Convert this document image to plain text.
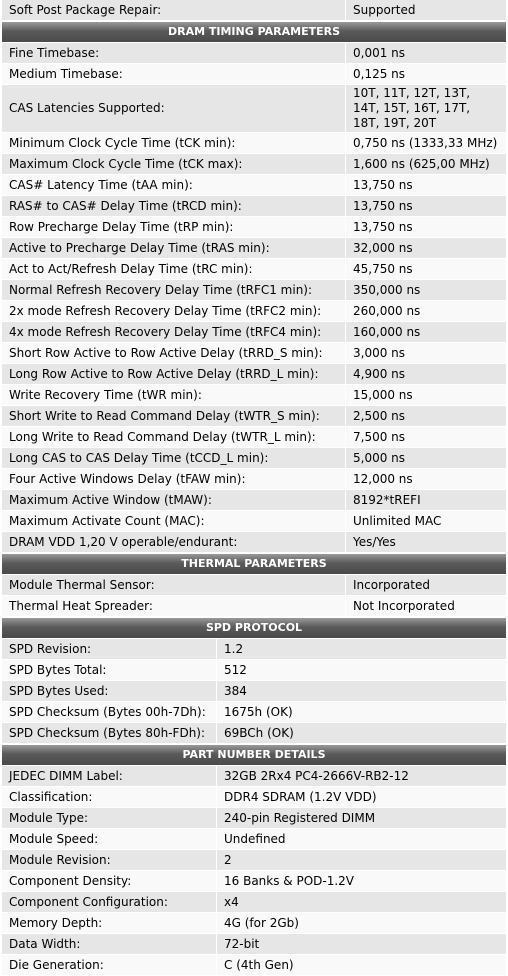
Soft Post Package Repair:	Supported
DRAM TIMING PARAMETERS
Fine Timebase:	0,001 ns
Medium Timebase:	0,125 ns
CAS Latencies Supported:
10T, 11T, 12T, 13T,
14T, 15T, 16T, 17T,
18T, 19T, 20T
Minimum Clock Cycle Time (tCK min):	0,750 ns (1333,33 MHz)
Maximum Clock Cycle Time (tCK max):	1,600 ns (625,00 MHz)
CAS# Latency Time (tAA min):	13,750 ns
RAS# to CAS# Delay Time (tRCD min):	13,750 ns
Row Precharge Delay Time (tRP min):	13,750 ns
Active to Precharge Delay Time (tRAS min):	32,000 ns
Act to Act/Refresh Delay Time (tRC min):	45,750 ns
Normal Refresh Recovery Delay Time (tRFC1 min):	350,000 ns
2x mode Refresh Recovery Delay Time (tRFC2 min):	260,000 ns
4x mode Refresh Recovery Delay Time (tRFC4 min):	160,000 ns
Short Row Active to Row Active Delay (tRRD_S min):	3,000 ns
Long Row Active to Row Active Delay (tRRD_L min):	4,900 ns
Write Recovery Time (tWR min):	15,000 ns
Short Write to Read Command Delay (tWTR_S min):	2,500 ns
Long Write to Read Command Delay (tWTR_L min):	7,500 ns
Long CAS to CAS Delay Time (tCCD_L min):	5,000 ns
Four Active Windows Delay (tFAW min):	12,000 ns
Maximum Active Window (tMAW):	8192*tREFI
Maximum Activate Count (MAC):	Unlimited MAC
DRAM VDD 1,20 V operable/endurant:	Yes/Yes
THERMAL PARAMETERS
Module Thermal Sensor:	Incorporated
Thermal Heat Spreader:	Not Incorporated
SPD PROTOCOL
SPD Revision:	1.2
SPD Bytes Total:	512
SPD Bytes Used:	384
SPD Checksum (Bytes 00h-7Dh):	1675h (OK)
SPD Checksum (Bytes 80h-FDh):	69BCh (OK)
PART NUMBER DETAILS
JEDEC DIMM Label:	32GB 2Rx4 PC4-2666V-RB2-12
Classification:	DDR4 SDRAM (1.2V VDD)
Module Type:	240-pin Registered DIMM
Module Speed:	Undefined
Module Revision:	2
Component Density:	16 Banks & POD-1.2V
Component Configuration:	x4
Memory Depth:	4G (for 2Gb)
Data Width:	72-bit
Die Generation:	C (4th Gen)
